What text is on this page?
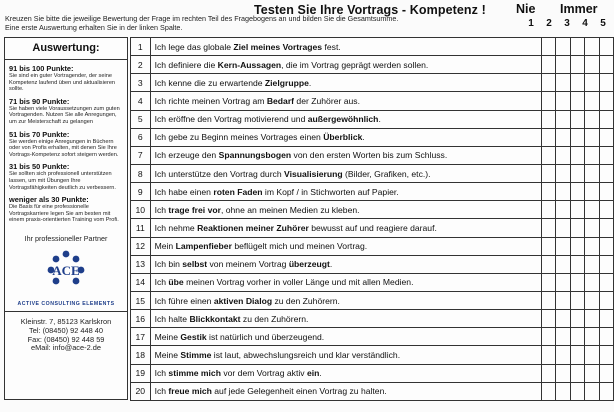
Testen Sie Ihre Vortrags - Kompetenz ! Nie Immer
1	2	3	4	5
Kreuzen Sie bitte die jeweilige Bewertung der Frage im rechten Teil des Fragebogens an und bilden Sie die Gesamtsumme.
Eine erste Auswertung erhalten Sie in der linken Spalte.
Auswertung:
91 bis 100 Punkte:
Sie sind ein guter Vortragender, der seine Kompetenz laufend üben und aktualisieren sollte.
71 bis 90 Punkte:
Sie haben viele Voraussetzungen zum guten Vortragenden. Nutzen Sie alle Anregungen, um zur Meisterschaft zu gelangen
51 bis 70 Punkte:
Sie werden einige Anregungen in Büchern oder von Profis erhalten, mit denen Sie Ihre Vortrags-Kompetenz sofort steigern werden.
31 bis 50 Punkte:
Sie sollten sich professionell unterstützen lassen, um mit Übungen Ihre Vortragsfähigkeiten deutlich zu verbessern.
weniger als 30 Punkte:
Die Basis für eine professionelle Vortragskarriere legen Sie am besten mit einem praxis-orientierten Training vom Profi.
Ihr professioneller Partner
ACE
ACTIVE CONSULTING ELEMENTS
Kleinstr. 7, 85123 Karlskron
Tel: (08450) 92 448 40
Fax: (08450) 92 448 59
eMail: info@ace-2.de
1	Ich lege das globale Ziel meines Vortrages fest.					
2	Ich definiere die Kern-Aussagen, die im Vortrag geprägt werden sollen.					
3	Ich kenne die zu erwartende Zielgruppe.					
4	Ich richte meinen Vortrag am Bedarf der Zuhörer aus.					
5	Ich eröffne den Vortrag motivierend und außergewöhnlich.					
6	Ich gebe zu Beginn meines Vortrages einen Überblick.					
7	Ich erzeuge den Spannungsbogen von den ersten Worten bis zum Schluss.					
8	Ich unterstütze den Vortrag durch Visualisierung (Bilder, Grafiken, etc.).					
9	Ich habe einen roten Faden im Kopf / in Stichworten auf Papier.					
10	Ich trage frei vor, ohne an meinen Medien zu kleben.					
11	Ich nehme Reaktionen meiner Zuhörer bewusst auf und reagiere darauf.					
12	Mein Lampenfieber beflügelt mich und meinen Vortrag.					
13	Ich bin selbst von meinem Vortrag überzeugt.					
14	Ich übe meinen Vortrag vorher in voller Länge und mit allen Medien.					
15	Ich führe einen aktiven Dialog zu den Zuhörern.					
16	Ich halte Blickkontakt zu den Zuhörern.					
17	Meine Gestik ist natürlich und überzeugend.					
18	Meine Stimme ist laut, abwechslungsreich und klar verständlich.					
19	Ich stimme mich vor dem Vortrag aktiv ein.					
20	Ich freue mich auf jede Gelegenheit einen Vortrag zu halten.					
